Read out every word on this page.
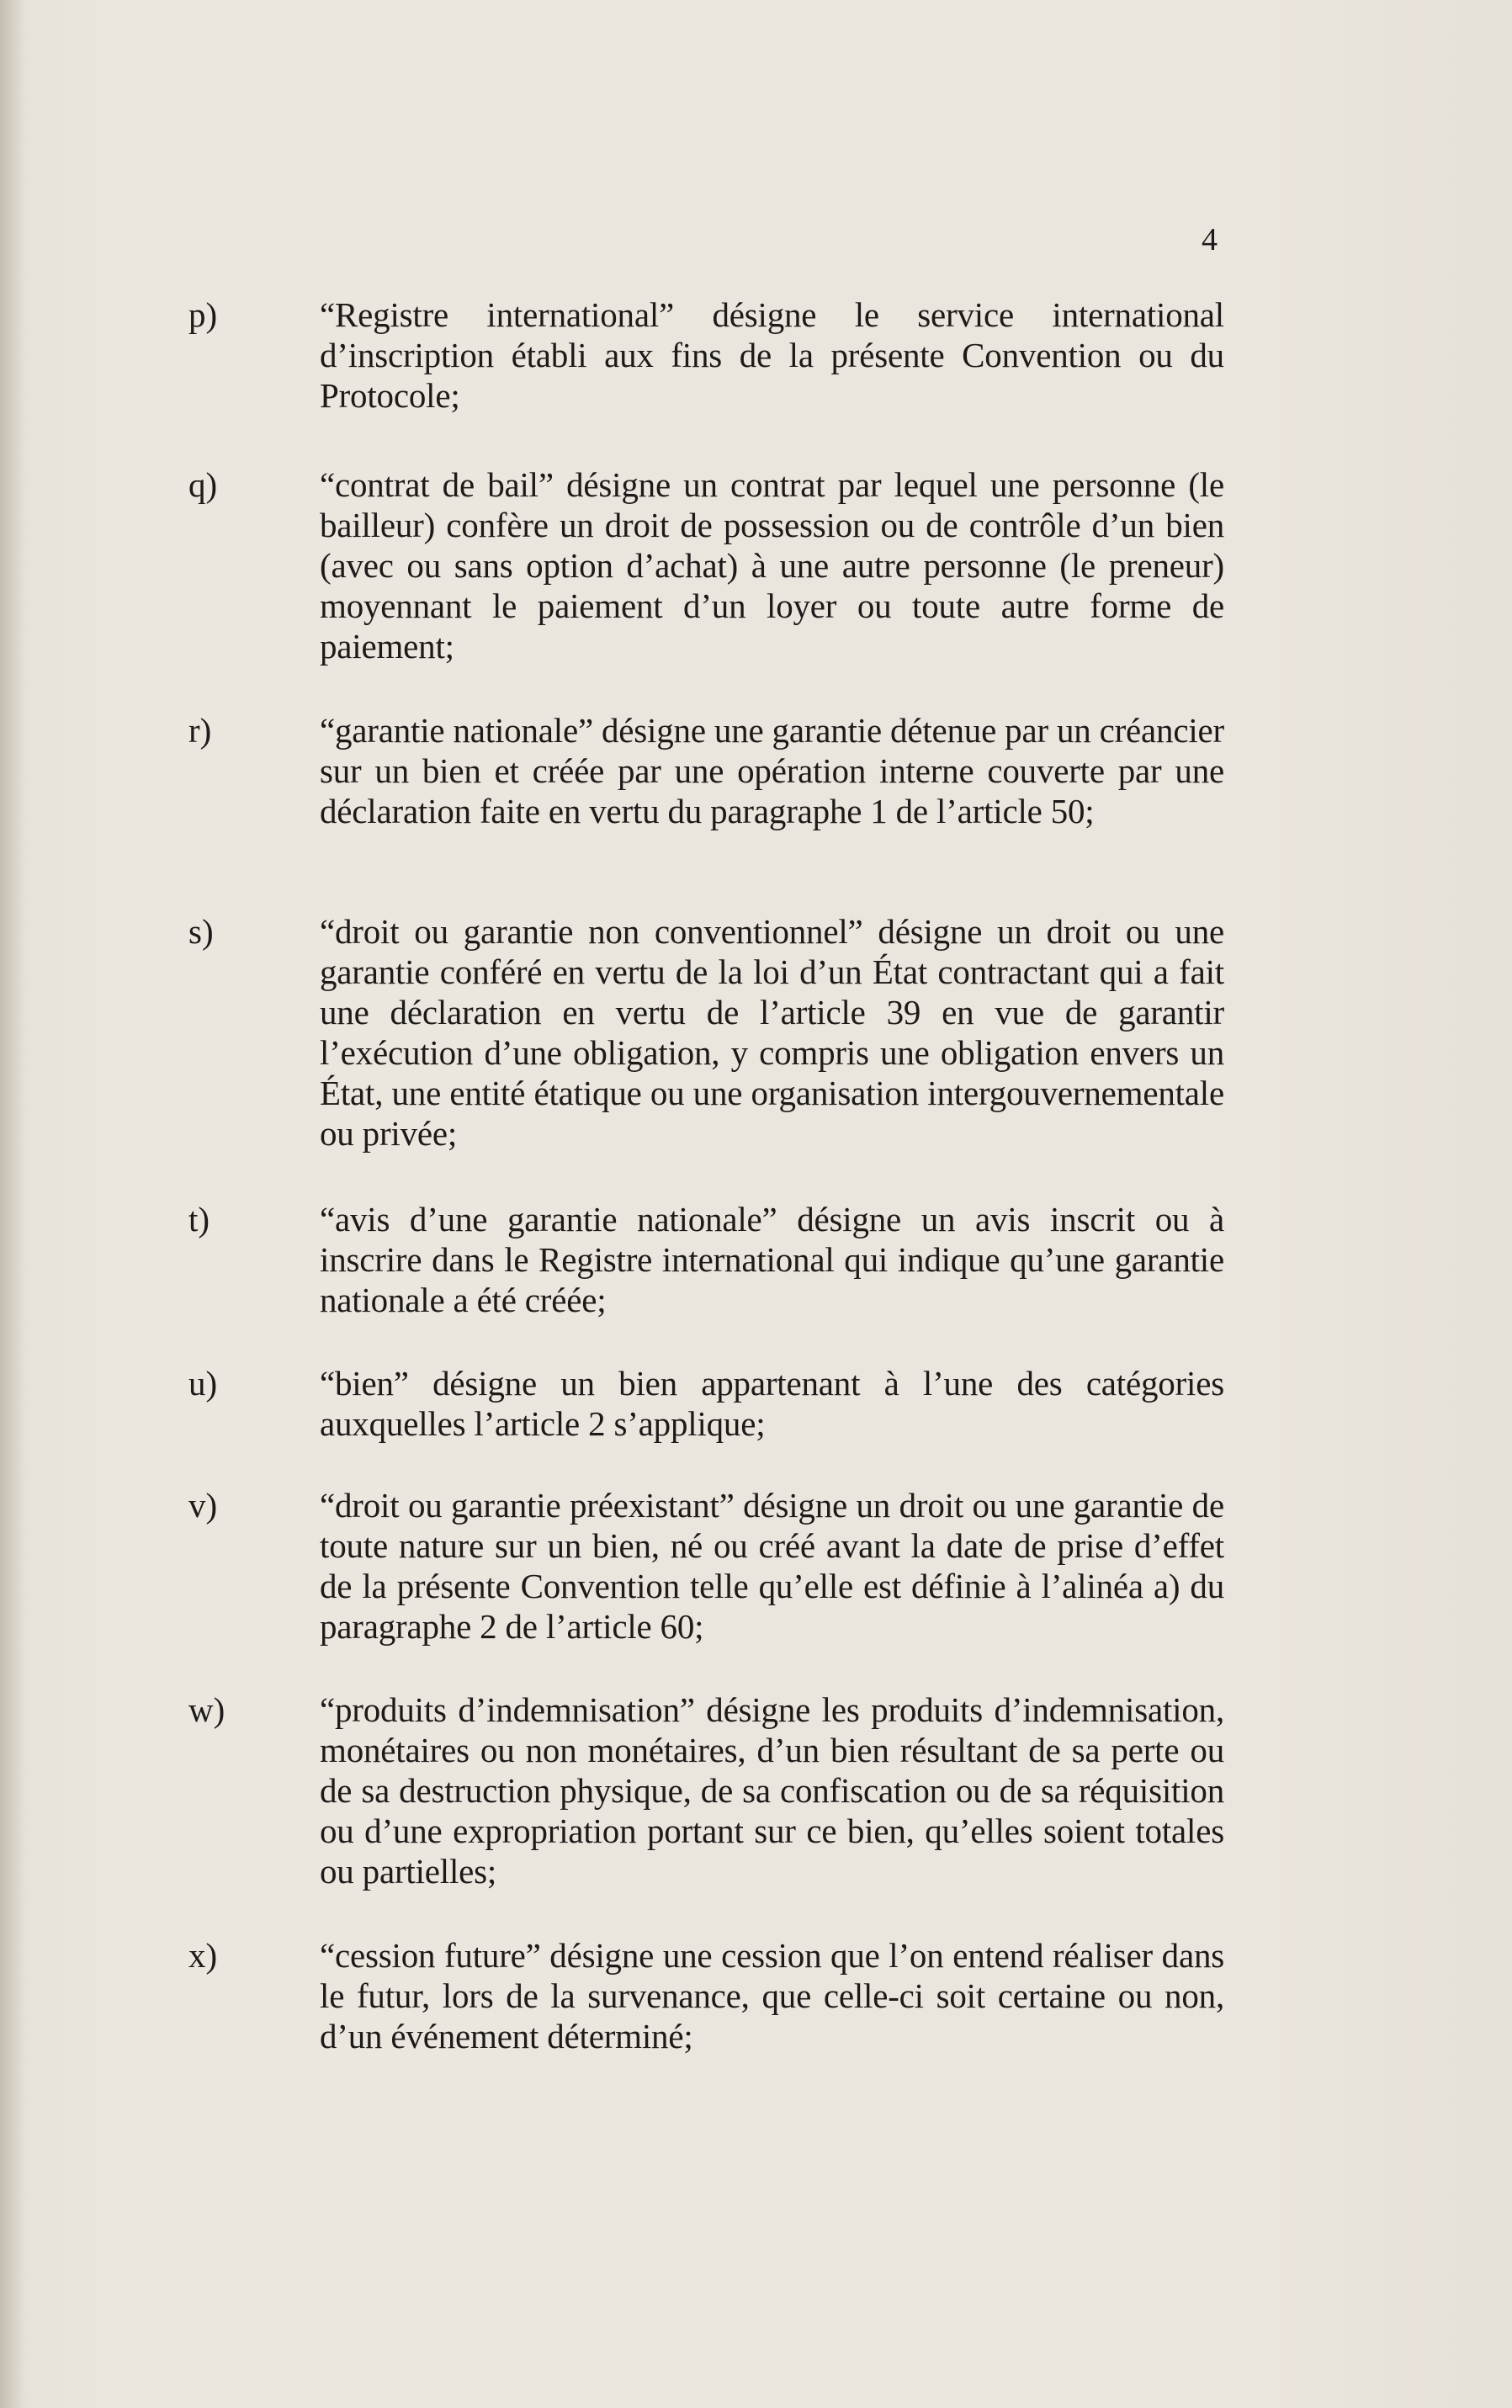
4
p)	“Registre international” désigne le service international d’inscription établi aux fins de la présente Convention ou du Protocole;
q)	“contrat de bail” désigne un contrat par lequel une personne (le bailleur) confère un droit de possession ou de contrôle d’un bien (avec ou sans option d’achat) à une autre personne (le preneur) moyennant le paiement d’un loyer ou toute autre forme de paiement;
r)	“garantie nationale” désigne une garantie détenue par un créancier sur un bien et créée par une opération interne couverte par une déclaration faite en vertu du paragraphe 1 de l’article 50;
s)	“droit ou garantie non conventionnel” désigne un droit ou une garantie conféré en vertu de la loi d’un État contractant qui a fait une déclaration en vertu de l’article 39 en vue de garantir l’exécution d’une obligation, y compris une obligation envers un État, une entité étatique ou une organisation intergouvernementale ou privée;
t)	“avis d’une garantie nationale” désigne un avis inscrit ou à inscrire dans le Registre international qui indique qu’une garantie nationale a été créée;
u)	“bien” désigne un bien appartenant à l’une des catégories auxquelles l’article 2 s’applique;
v)	“droit ou garantie préexistant” désigne un droit ou une garantie de toute nature sur un bien, né ou créé avant la date de prise d’effet de la présente Convention telle qu’elle est définie à l’alinéa a) du paragraphe 2 de l’article 60;
w)	“produits d’indemnisation” désigne les produits d’indemnisation, monétaires ou non monétaires, d’un bien résultant de sa perte ou de sa destruction physique, de sa confiscation ou de sa réquisition ou d’une expropriation portant sur ce bien, qu’elles soient totales ou partielles;
x)	“cession future” désigne une cession que l’on entend réaliser dans le futur, lors de la survenance, que celle-ci soit certaine ou non, d’un événement déterminé;
